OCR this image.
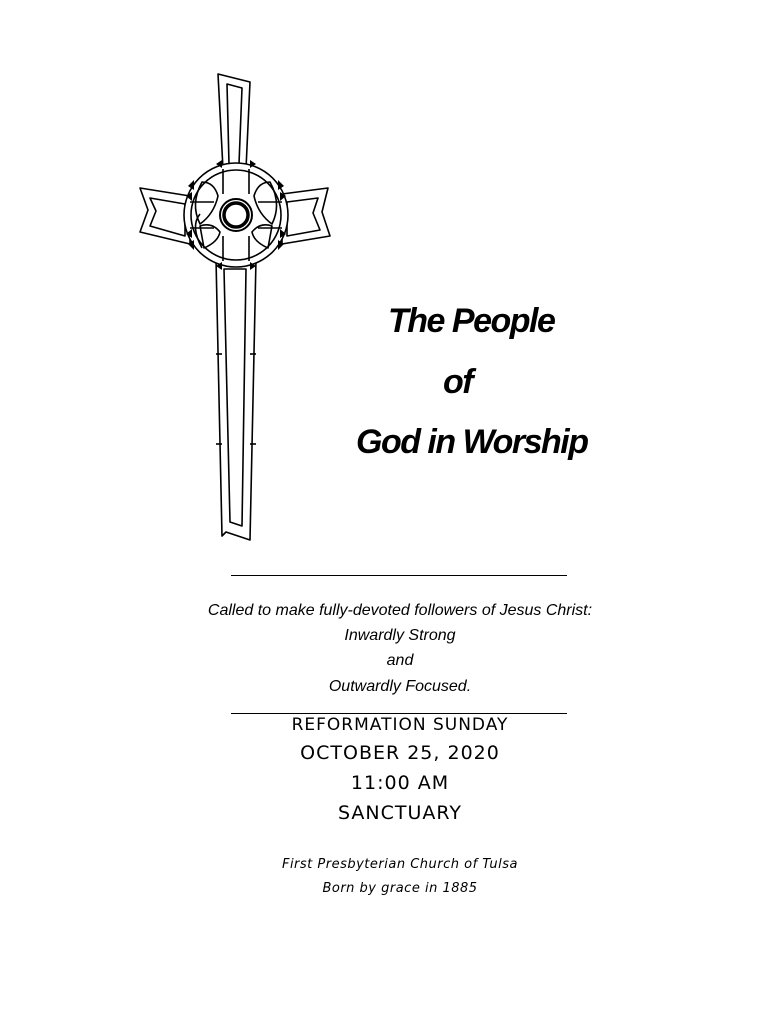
The People
of
God in Worship

Called to make fully-devoted followers of Jesus Christ:

Inwardly Strong

and

Outwardly Focused.

REFORMATION SUNDAY

OCTOBER 25, 2020

11:00 AM

SANCTUARY

First Presbyterian Church of Tulsa

Born by grace in 1885
